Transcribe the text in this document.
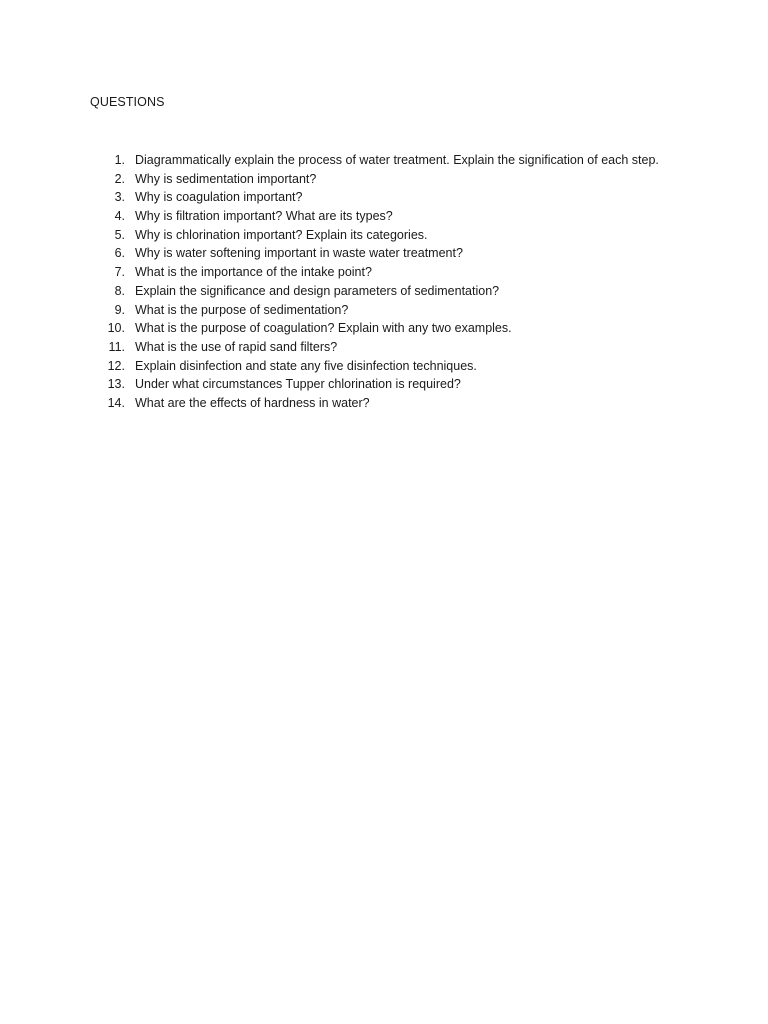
QUESTIONS
1. Diagrammatically explain the process of water treatment. Explain the signification of each step.
2. Why is sedimentation important?
3. Why is coagulation important?
4. Why is filtration important? What are its types?
5. Why is chlorination important? Explain its categories.
6. Why is water softening important in waste water treatment?
7. What is the importance of the intake point?
8. Explain the significance and design parameters of sedimentation?
9. What is the purpose of sedimentation?
10. What is the purpose of coagulation? Explain with any two examples.
11. What is the use of rapid sand filters?
12. Explain disinfection and state any five disinfection techniques.
13. Under what circumstances Tupper chlorination is required?
14. What are the effects of hardness in water?
